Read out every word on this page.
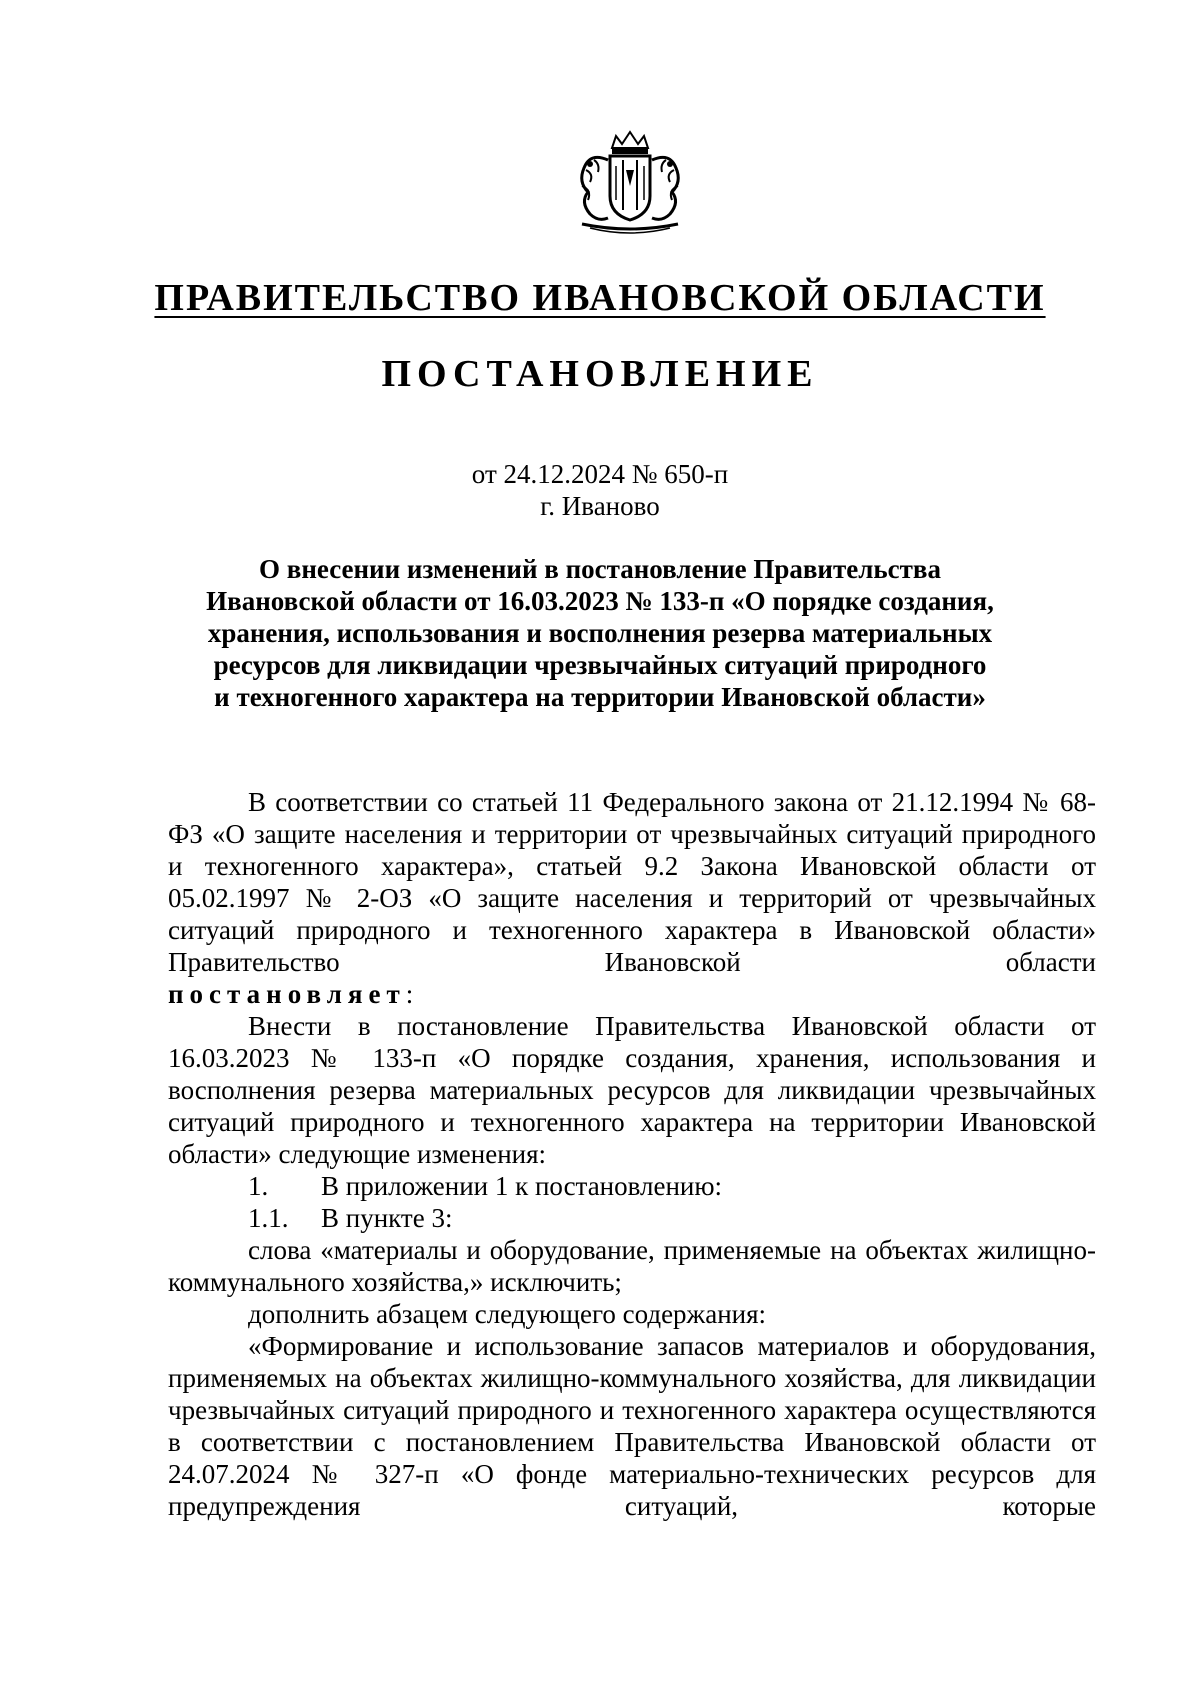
ПРАВИТЕЛЬСТВО ИВАНОВСКОЙ ОБЛАСТИ
ПОСТАНОВЛЕНИЕ
от 24.12.2024 № 650-п
г. Иваново
О внесении изменений в постановление Правительства
Ивановской области от 16.03.2023 № 133-п «О порядке создания,
хранения, использования и восполнения резерва материальных
ресурсов для ликвидации чрезвычайных ситуаций природного
и техногенного характера на территории Ивановской области»

В соответствии со статьей 11 Федерального закона от 21.12.1994 № 68-ФЗ «О защите населения и территории от чрезвычайных ситуаций природного и техногенного характера», статьей 9.2 Закона Ивановской области от 05.02.1997 № 2-ОЗ «О защите населения и территорий от чрезвычайных ситуаций природного и техногенного характера в Ивановской области» Правительство Ивановской области

постановляет:

Внести в постановление Правительства Ивановской области от 16.03.2023 № 133-п «О порядке создания, хранения, использования и восполнения резерва материальных ресурсов для ликвидации чрезвычайных ситуаций природного и техногенного характера на территории Ивановской области» следующие изменения:

1.	В приложении 1 к постановлению:
1.1.	В пункте 3:

слова «материалы и оборудование, применяемые на объектах жилищно-коммунального хозяйства,» исключить;

дополнить абзацем следующего содержания:

«Формирование и использование запасов материалов и оборудования, применяемых на объектах жилищно-коммунального хозяйства, для ликвидации чрезвычайных ситуаций природного и техногенного характера осуществляются в соответствии с постановлением Правительства Ивановской области от 24.07.2024 № 327-п «О фонде материально-технических ресурсов для предупреждения ситуаций, которые
